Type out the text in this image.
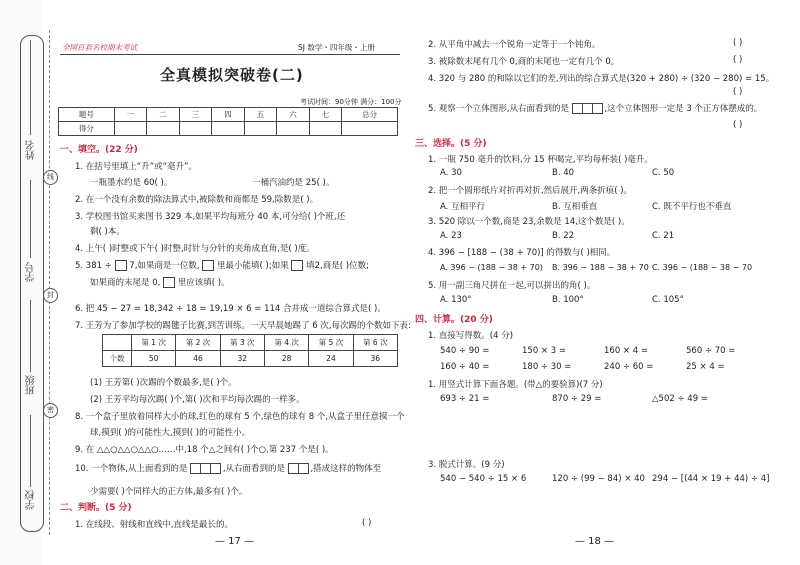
姓名
学号
班级
学校
线
封
密
全国百套名校期末考试	SJ 数学・四年级・上册
全真模拟突破卷(二)
考试时间：90分钟 满分：100分
题号	一	二	三	四	五	六	七	总分
得分								
一、填空。(22 分)
1. 在括号里填上“升”或“毫升”。
一瓶墨水约是 60( )。	一桶汽油约是 25( )。
2. 在一个没有余数的除法算式中,被除数和商都是 59,除数是( )。
3. 学校图书馆买来图书 329 本,如果平均每班分 40 本,可分给( )个班,还
剩( )本。
4. 上午( )时整或下午( )时整,时针与分针的夹角成直角,是( )度。
5. 381 ÷ 7,如果商是一位数, 里最小能填( );如果 填2,商是( )位数;
如果商的末尾是 0, 里应该填( )。
6. 把 45 − 27 = 18,342 ÷ 18 = 19,19 × 6 = 114 合并成一道综合算式是( )。
7. 王芳为了参加学校的踢毽子比赛,到苦训练。一天早晨她踢了 6 次,每次踢的个数如下表:
	第 1 次	第 2 次	第 3 次	第 4 次	第 5 次	第 6 次
个数	50	46	32	28	24	36
(1) 王芳第( )次踢的个数最多,是( )个。
(2) 王芳平均每次踢( )个,第( )次和平均每次踢的一样多。
8. 一个盒子里放着同样大小的球,红色的球有 5 个,绿色的球有 8 个,从盒子里任意摸一个
球,摸到( )的可能性大,摸到( )的可能性小。
9. 在 △△○△△○△△○……中,18 个△之间有( )个○,第 237 个是( )。
10. 一个物体,从上面看到的是	,从右面看到的是	,搭成这样的物体至
少需要( )个同样大的正方体,最多有( )个。
二、判断。(5 分)
1. 在线段、射线和直线中,直线是最长的。	( )
— 17 —
2. 从平角中减去一个锐角一定等于一个钝角。	( )
3. 被除数末尾有几个 0,商的末尾也一定有几个 0。	( )
4. 320 与 280 的和除以它们的差,列出的综合算式是(320 + 280) ÷ (320 − 280) = 15。
( )
5. 观察一个立体图形,从右面看到的是	,这个立体图形一定是 3 个正方体摆成的。
( )
三、选择。(5 分)
1. 一瓶 750 毫升的饮料,分 15 杯喝完,平均每杯装( )毫升。
A. 30	B. 40	C. 50
2. 把一个圆形纸片对折再对折,然后展开,两条折痕( )。
A. 互相平行	B. 互相垂直	C. 既不平行也不垂直
3. 520 除以一个数,商是 23,余数是 14,这个数是( )。
A. 23	B. 22	C. 21
4. 396 − [188 − (38 + 70)] 的得数与( )相同。
A. 396 − (188 − 38 + 70) B. 396 − 188 − 38 + 70 C. 396 − (188 − 38 − 70
5. 用一副三角尺拼在一起,可以拼出的角( )。
A. 130°	B. 100°	C. 105°
四、计算。(20 分)
1. 直接写得数。(4 分)
540 ÷ 90 =	150 × 3 =	160 × 4 =	560 ÷ 70 =
160 ÷ 40 =	180 ÷ 30 =	240 ÷ 60 =	25 × 4 =
1. 用竖式计算下面各题。(带△的要验算)(7 分)
693 ÷ 21 =	870 ÷ 29 =	△502 ÷ 49 =
3. 脱式计算。(9 分)
540 − 540 ÷ 15 × 6	120 ÷ (99 − 84) × 40 294 − [(44 × 19 + 44) ÷ 4]
— 18 —
